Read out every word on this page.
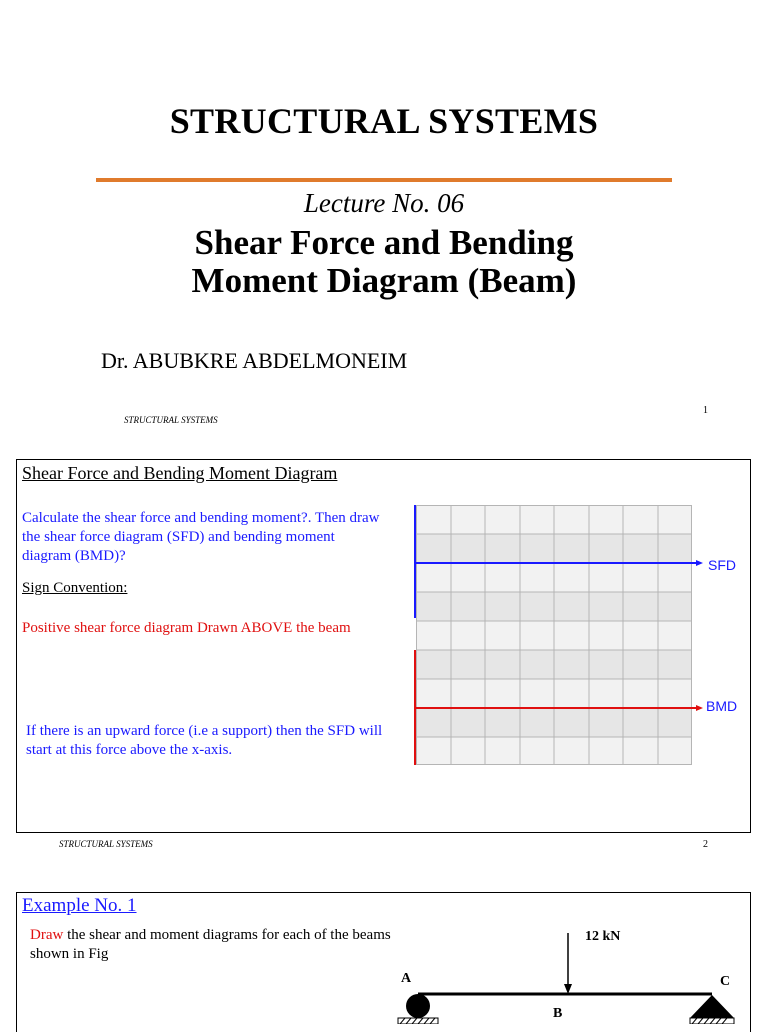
STRUCTURAL SYSTEMS
Lecture No. 06
Shear Force and Bending
Moment Diagram (Beam)
Dr. ABUBKRE ABDELMONEIM
STRUCTURAL SYSTEMS
1
Shear Force and Bending Moment Diagram
Calculate the shear force and bending moment?. Then draw the shear force diagram (SFD) and bending moment diagram (BMD)?
Sign Convention:
Positive shear force diagram Drawn ABOVE the beam
If there is an upward force (i.e a support) then the SFD will start at this force above the x-axis.
SFD
BMD
STRUCTURAL SYSTEMS	2
Example No. 1
Draw the shear and moment diagrams for each of the beams shown in Fig
12 kN
A
B
C
